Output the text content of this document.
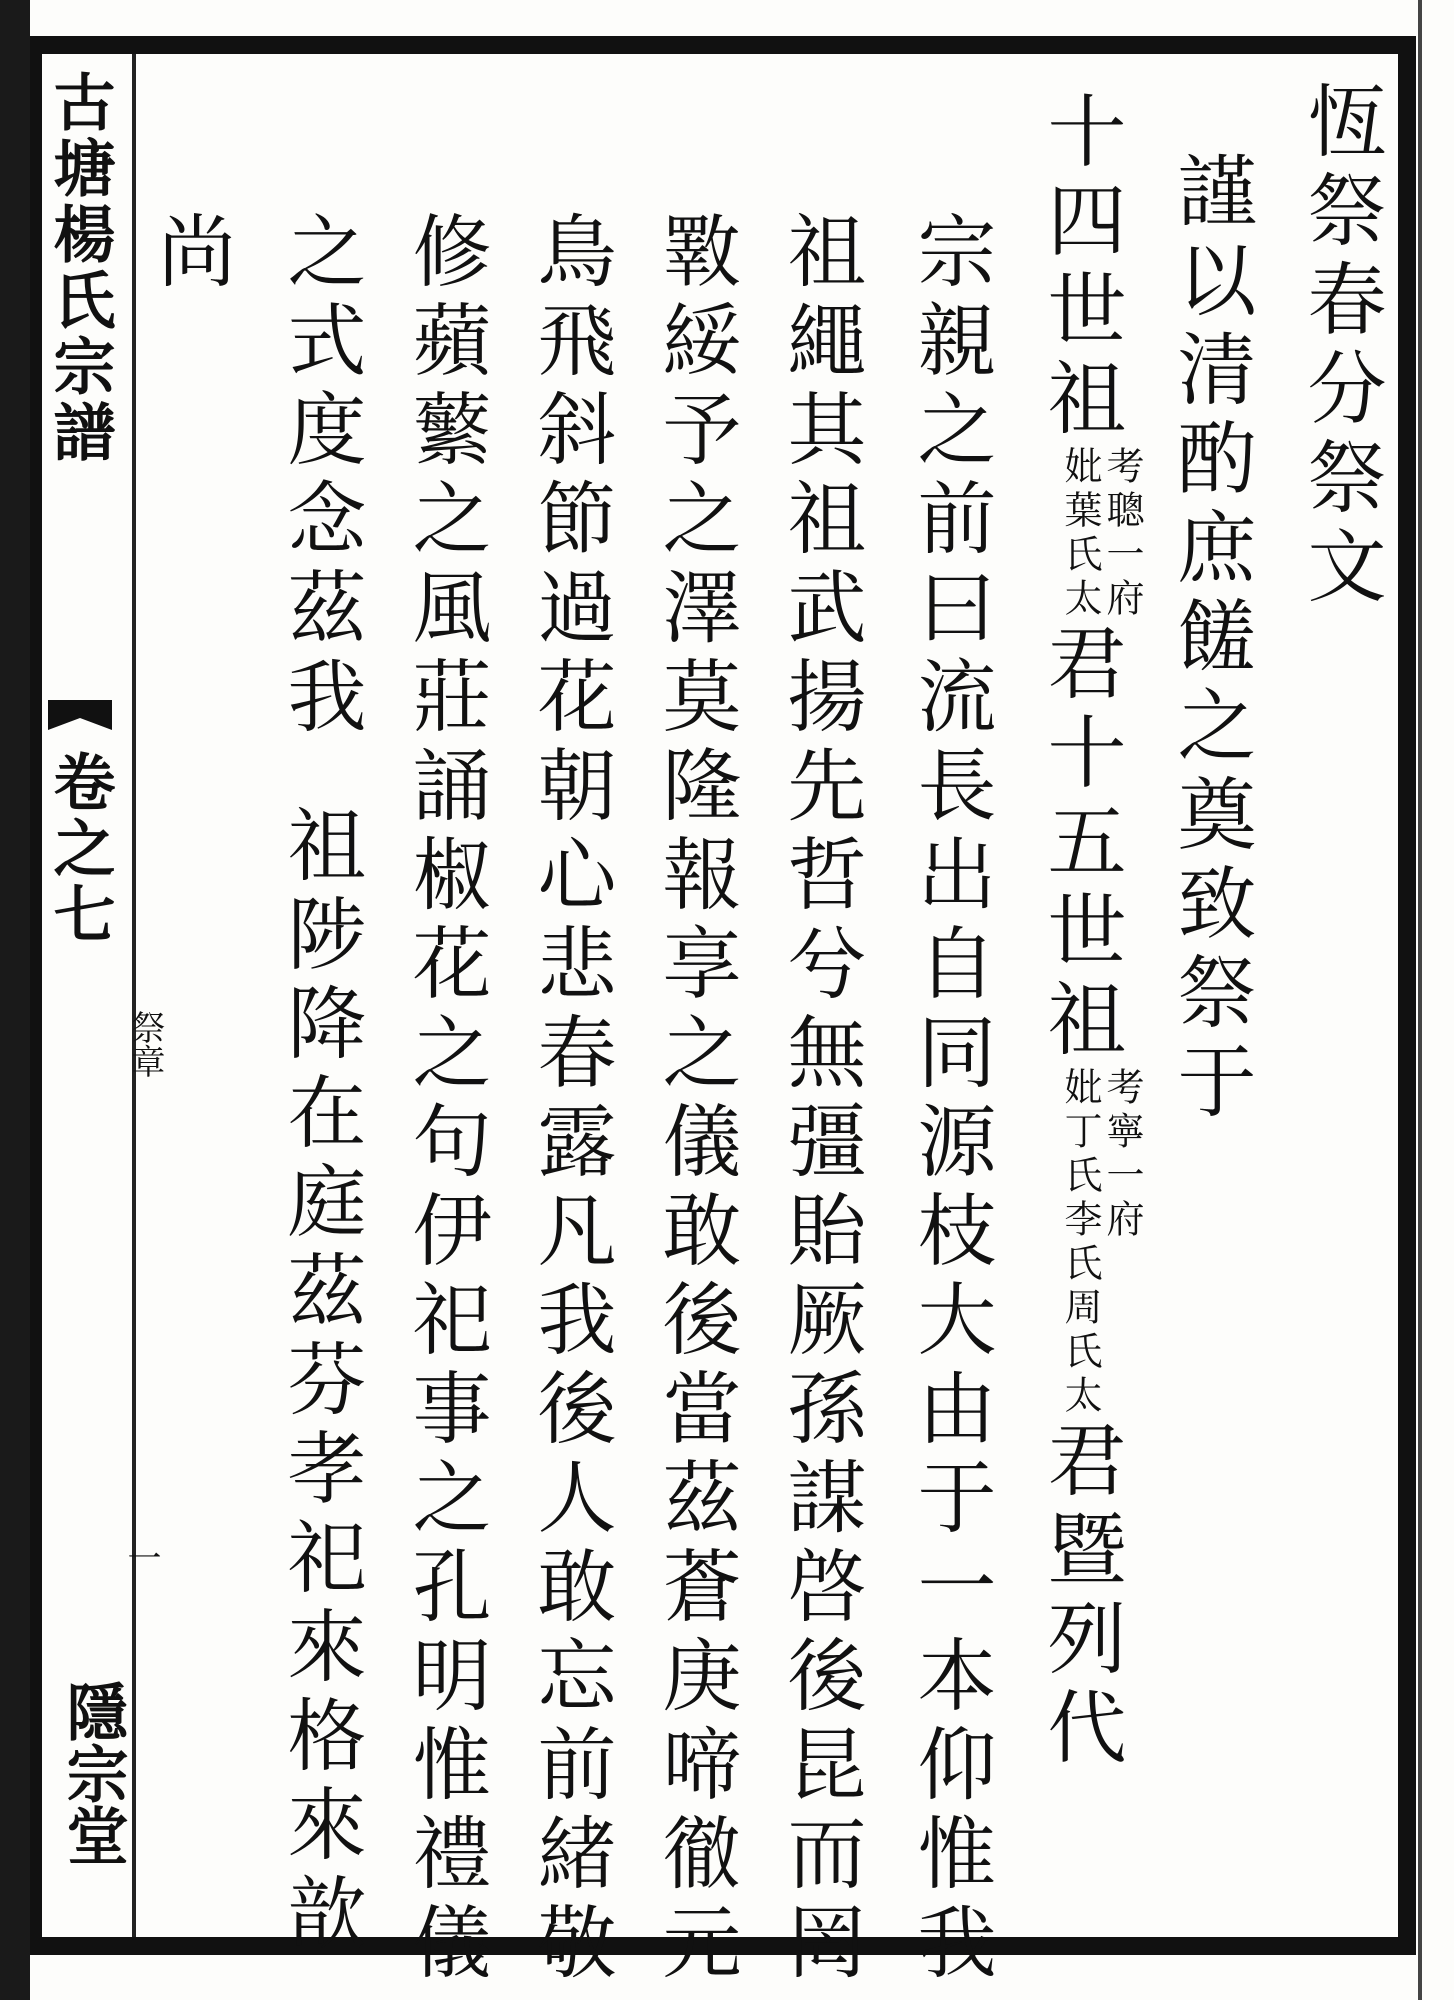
古塘楊氏宗譜
卷之七
祭章
一
隱宗堂
恆祭春分祭文
謹以清酌庶饈之奠致祭于
十四世祖考聰一府
妣葉氏太君十五世祖考寧一府
妣丁氏李氏周氏太君暨列代
宗親之前曰流長出自同源枝大由于一本仰惟我
祖繩其祖武揚先哲兮無彊貽厥孫謀啓後昆而罔
斁綏予之澤莫隆報享之儀敢後當茲蒼庚啼徹元
鳥飛斜節過花朝心悲春露凡我後人敢忘前緒敬
修蘋蘩之風莊誦椒花之句伊祀事之孔明惟禮儀
之式度念茲我祖陟降在庭茲芬孝祀來格來歆
尚
